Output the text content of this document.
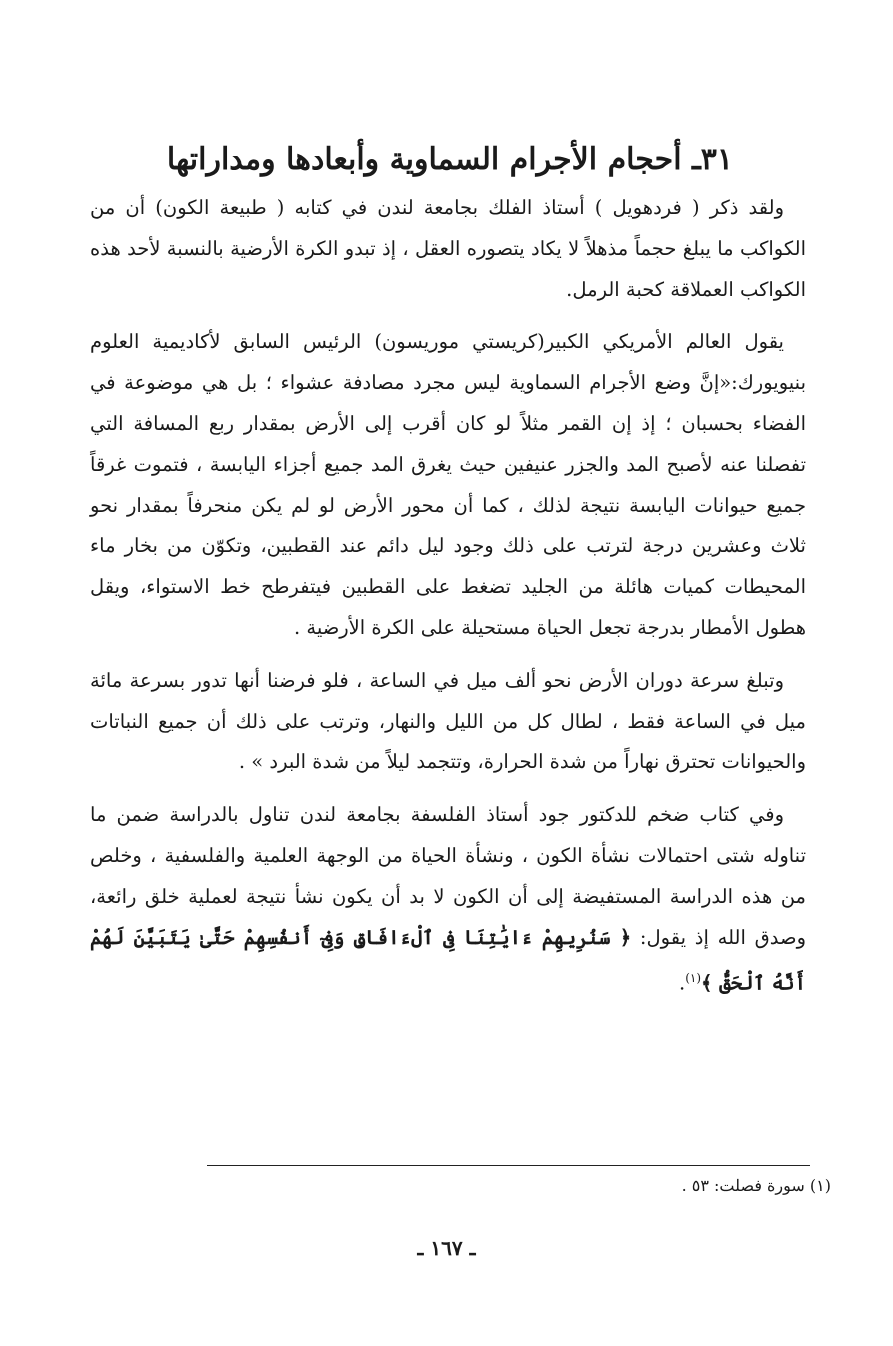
٣١ـ أحجام الأجرام السماوية وأبعادها ومداراتها

ولقد ذكر ( فردهويل ) أستاذ الفلك بجامعة لندن في كتابه ( طبيعة الكون) أن من الكواكب ما يبلغ حجماً مذهلاً لا يكاد يتصوره العقل ، إذ تبدو الكرة الأرضية بالنسبة لأحد هذه الكواكب العملاقة كحبة الرمل.

يقول العالم الأمريكي الكبير(كريستي موريسون) الرئيس السابق لأكاديمية العلوم بنيويورك:«إنَّ وضع الأجرام السماوية ليس مجرد مصادفة عشواء ؛ بل هي موضوعة في الفضاء بحسبان ؛ إذ إن القمر مثلاً لو كان أقرب إلى الأرض بمقدار ربع المسافة التي تفصلنا عنه لأصبح المد والجزر عنيفين حيث يغرق المد جميع أجزاء اليابسة ، فتموت غرقاً جميع حيوانات اليابسة نتيجة لذلك ، كما أن محور الأرض لو لم يكن منحرفاً بمقدار نحو ثلاث وعشرين درجة لترتب على ذلك وجود ليل دائم عند القطبين، وتكوّن من بخار ماء المحيطات كميات هائلة من الجليد تضغط على القطبين فيتفرطح خط الاستواء، ويقل هطول الأمطار بدرجة تجعل الحياة مستحيلة على الكرة الأرضية .

وتبلغ سرعة دوران الأرض نحو ألف ميل في الساعة ، فلو فرضنا أنها تدور بسرعة مائة ميل في الساعة فقط ، لطال كل من الليل والنهار، وترتب على ذلك أن جميع النباتات والحيوانات تحترق نهاراً من شدة الحرارة، وتتجمد ليلاً من شدة البرد » .

وفي كتاب ضخم للدكتور جود أستاذ الفلسفة بجامعة لندن تناول بالدراسة ضمن ما تناوله شتى احتمالات نشأة الكون ، ونشأة الحياة من الوجهة العلمية والفلسفية ، وخلص من هذه الدراسة المستفيضة إلى أن الكون لا بد أن يكون نشأ نتيجة لعملية خلق رائعة، وصدق الله إذ يقول: ﴿ سَنُرِيهِمْ ءَايَٰتِنَا فِى ٱلْءَافَاقِ وَفِىٓ أَنفُسِهِمْ حَتَّىٰ يَتَبَيَّنَ لَهُمْ أَنَّهُ ٱلْحَقُّ ﴾$^{(١)}$.

(١) سورة فصلت: ٥٣ .
ـ ١٦٧ ـ
